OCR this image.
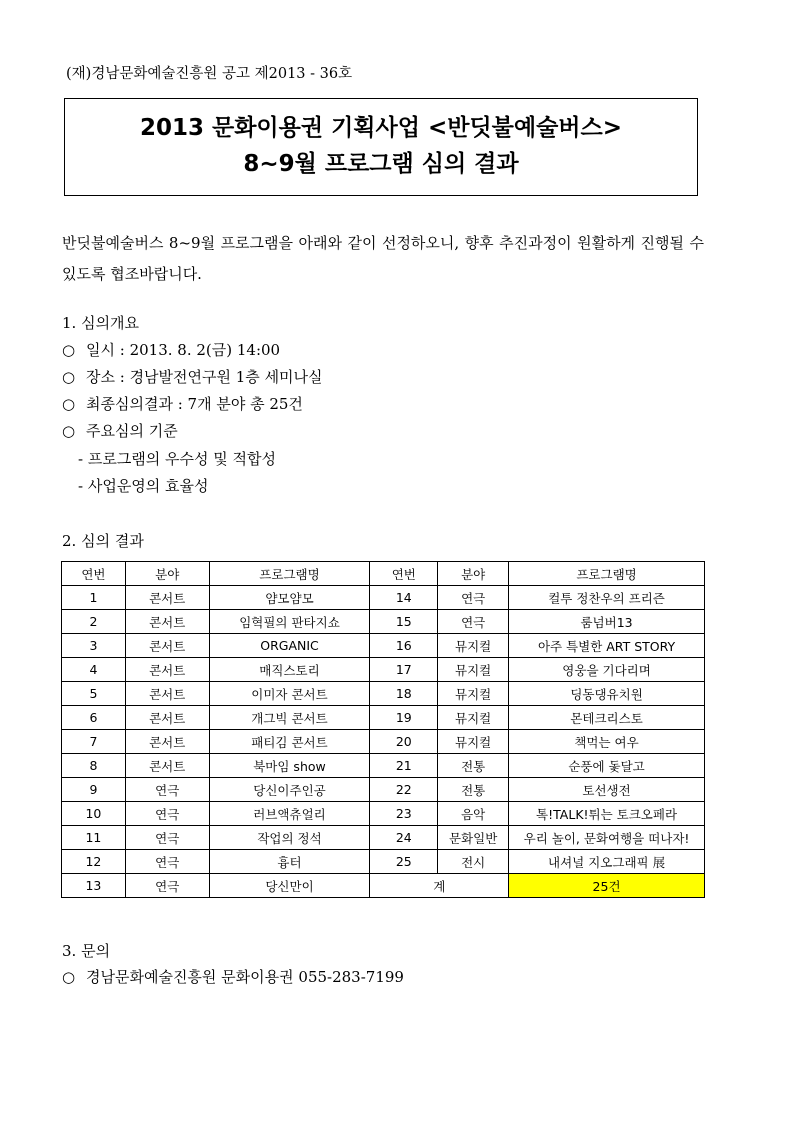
(재)경남문화예술진흥원 공고 제2013 - 36호
2013 문화이용권 기획사업 <반딧불예술버스>
8~9월 프로그램 심의 결과
반딧불예술버스 8~9월 프로그램을 아래와 같이 선정하오니, 향후 추진과정이 원활하게 진행될 수 있도록 협조바랍니다.
1. 심의개요
○ 일시 : 2013. 8. 2(금) 14:00
○ 장소 : 경남발전연구원 1층 세미나실
○ 최종심의결과 : 7개 분야 총 25건
○ 주요심의 기준
- 프로그램의 우수성 및 적합성
- 사업운영의 효율성
2. 심의 결과
연번	분야	프로그램명	연번	분야	프로그램명
1	콘서트	얌모얌모	14	연극	컬투 정찬우의 프리즌
2	콘서트	임혁필의 판타지쇼	15	연극	룸넘버13
3	콘서트	ORGANIC	16	뮤지컬	아주 특별한 ART STORY
4	콘서트	매직스토리	17	뮤지컬	영웅을 기다리며
5	콘서트	이미자 콘서트	18	뮤지컬	딩동댕유치원
6	콘서트	개그빅 콘서트	19	뮤지컬	몬테크리스토
7	콘서트	패티김 콘서트	20	뮤지컬	책먹는 여우
8	콘서트	북마임 show	21	전통	순풍에 돛달고
9	연극	당신이주인공	22	전통	토선생전
10	연극	러브액츄얼리	23	음악	톡!TALK!튀는 토크오페라
11	연극	작업의 정석	24	문화일반	우리 놀이, 문화여행을 떠나자!
12	연극	흉터	25	전시	내셔널 지오그래픽 展
13	연극	당신만이	계		25건
3. 문의
○ 경남문화예술진흥원 문화이용권 055-283-7199
